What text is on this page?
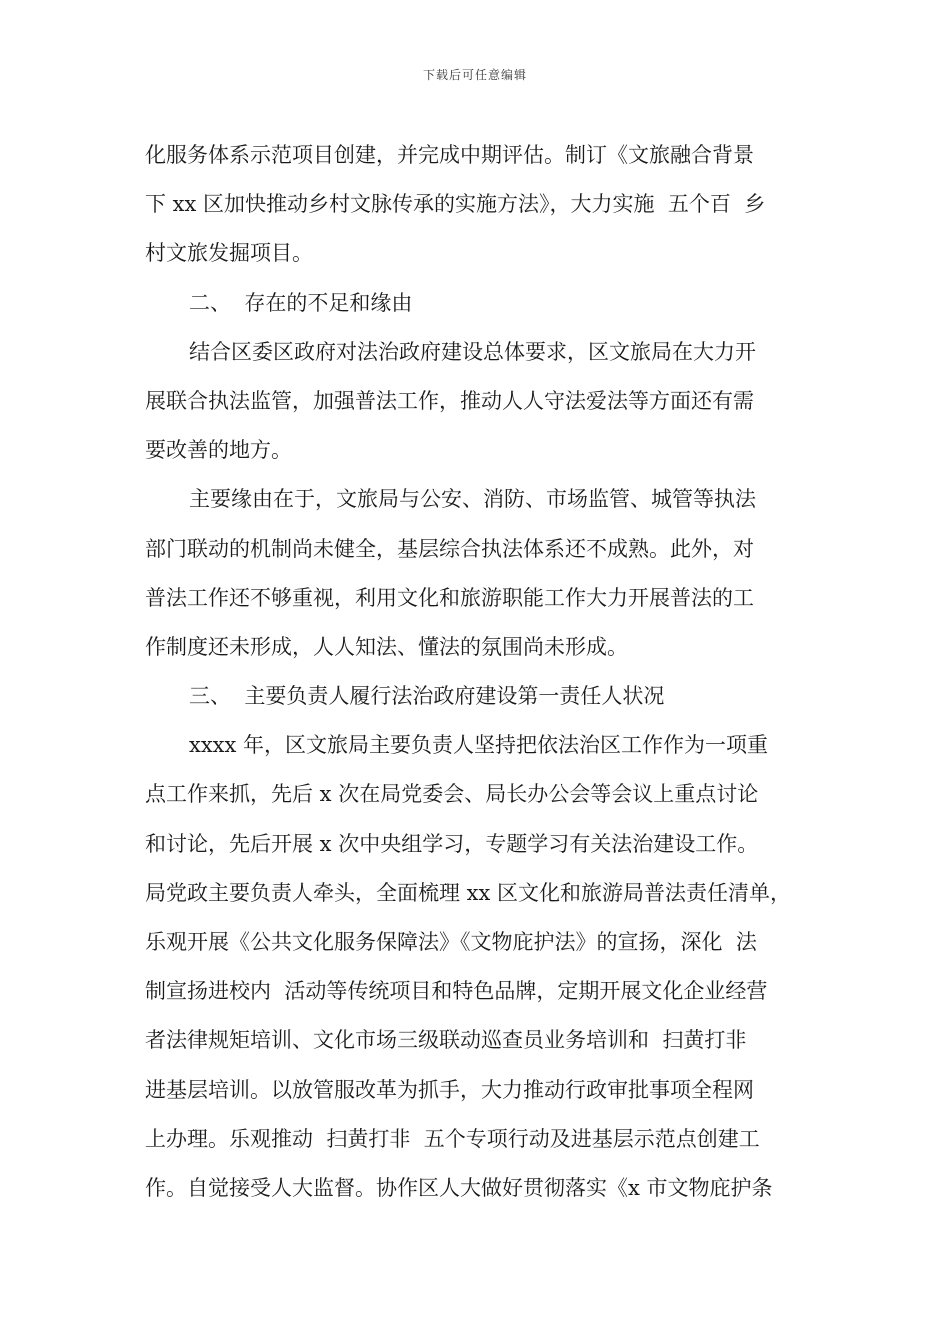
下载后可任意编辑
化服务体系示范项目创建，并完成中期评估。制订《文旅融合背景
下 xx 区加快推动乡村文脉传承的实施方法》，大力实施  五个百  乡
村文旅发掘项目。
二、  存在的不足和缘由
结合区委区政府对法治政府建设总体要求，区文旅局在大力开
展联合执法监管，加强普法工作，推动人人守法爱法等方面还有需
要改善的地方。
主要缘由在于，文旅局与公安、消防、市场监管、城管等执法
部门联动的机制尚未健全，基层综合执法体系还不成熟。此外，对
普法工作还不够重视，利用文化和旅游职能工作大力开展普法的工
作制度还未形成，人人知法、懂法的氛围尚未形成。
三、  主要负责人履行法治政府建设第一责任人状况
xxxx 年，区文旅局主要负责人坚持把依法治区工作作为一项重
点工作来抓，先后 x 次在局党委会、局长办公会等会议上重点讨论
和讨论，先后开展 x 次中央组学习，专题学习有关法治建设工作。
局党政主要负责人牵头，全面梳理 xx 区文化和旅游局普法责任清单，
乐观开展《公共文化服务保障法》《文物庇护法》的宣扬，深化  法
制宣扬进校内  活动等传统项目和特色品牌，定期开展文化企业经营
者法律规矩培训、文化市场三级联动巡查员业务培训和  扫黄打非
进基层培训。以放管服改革为抓手，大力推动行政审批事项全程网
上办理。乐观推动  扫黄打非  五个专项行动及进基层示范点创建工
作。自觉接受人大监督。协作区人大做好贯彻落实《x 市文物庇护条
